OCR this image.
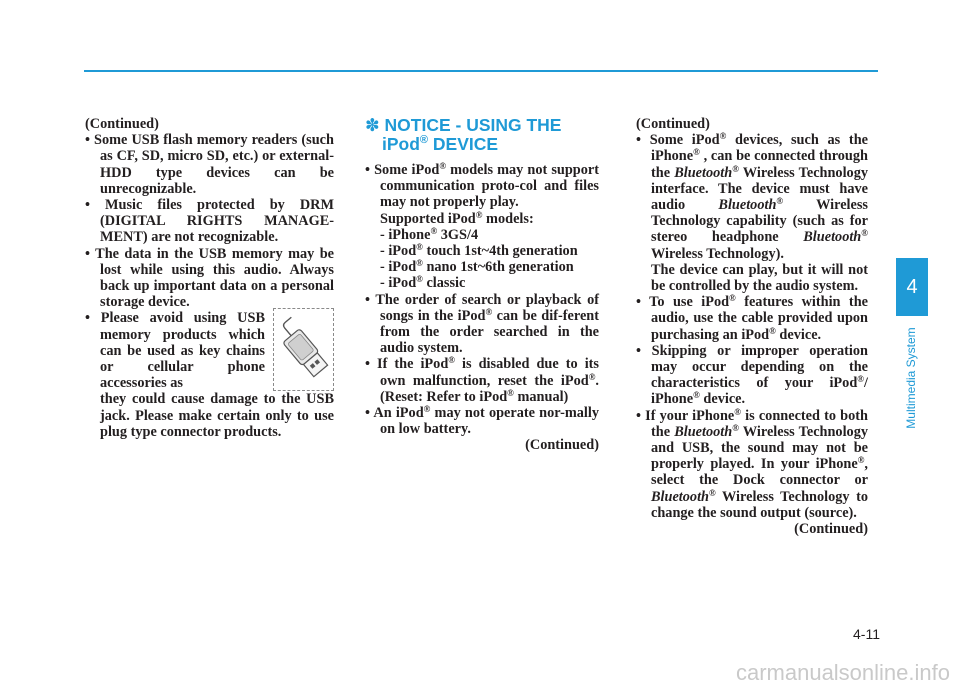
(Continued)

• Some USB flash memory readers (such as CF, SD, micro SD, etc.) or external-HDD type devices can be unrecognizable.

• Music files protected by DRM (DIGITAL RIGHTS MANAGE-MENT) are not recognizable.

• The data in the USB memory may be lost while using this audio. Always back up important data on a personal storage device.

• Please avoid using USB memory products which can be used as key chains or cellular phone accessories as

they could cause damage to the USB jack. Please make certain only to use plug type connector products.

✽ NOTICE - USING THE
iPod® DEVICE

• Some iPod® models may not support communication proto-col and files may not properly play.
Supported iPod® models:
- iPhone® 3GS/4
- iPod® touch 1st~4th generation
- iPod® nano 1st~6th generation
- iPod® classic

• The order of search or playback of songs in the iPod® can be dif-ferent from the order searched in the audio system.

• If the iPod® is disabled due to its own malfunction, reset the iPod®. (Reset: Refer to iPod® manual)

• An iPod® may not operate nor-mally on low battery.

(Continued)

(Continued)

• Some iPod® devices, such as the iPhone® , can be connected through the Bluetooth® Wireless Technology interface. The device must have audio Bluetooth® Wireless Technology capability (such as for stereo headphone Bluetooth® Wireless Technology).
The device can play, but it will not be controlled by the audio system.

• To use iPod® features within the audio, use the cable provided upon purchasing an iPod® device.

• Skipping or improper operation may occur depending on the characteristics of your iPod®/ iPhone® device.

• If your iPhone® is connected to both the Bluetooth® Wireless Technology and USB, the sound may not be properly played. In your iPhone®, select the Dock connector or Bluetooth® Wireless Technology to change the sound output (source).

(Continued)

4
Multimedia System
4-11
carmanualsonline.info
